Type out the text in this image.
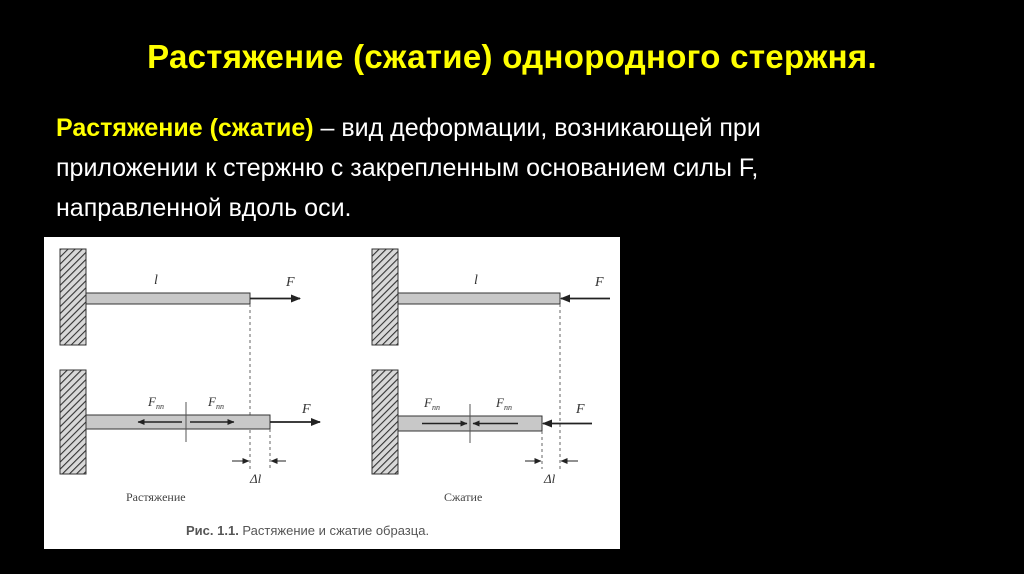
Растяжение (сжатие) однородного стержня.
Растяжение (сжатие) – вид деформации, возникающей при
приложении к стержню с закрепленным основанием силы F,
направленной вдоль оси.
l	F	l	F
$F_{пп}$	$F_{пп}$	F
Δl
Растяжение
$F_{пп}$	$F_{пп}$	F
Δl
Сжатие
Рис. 1.1. Растяжение и сжатие образца.
